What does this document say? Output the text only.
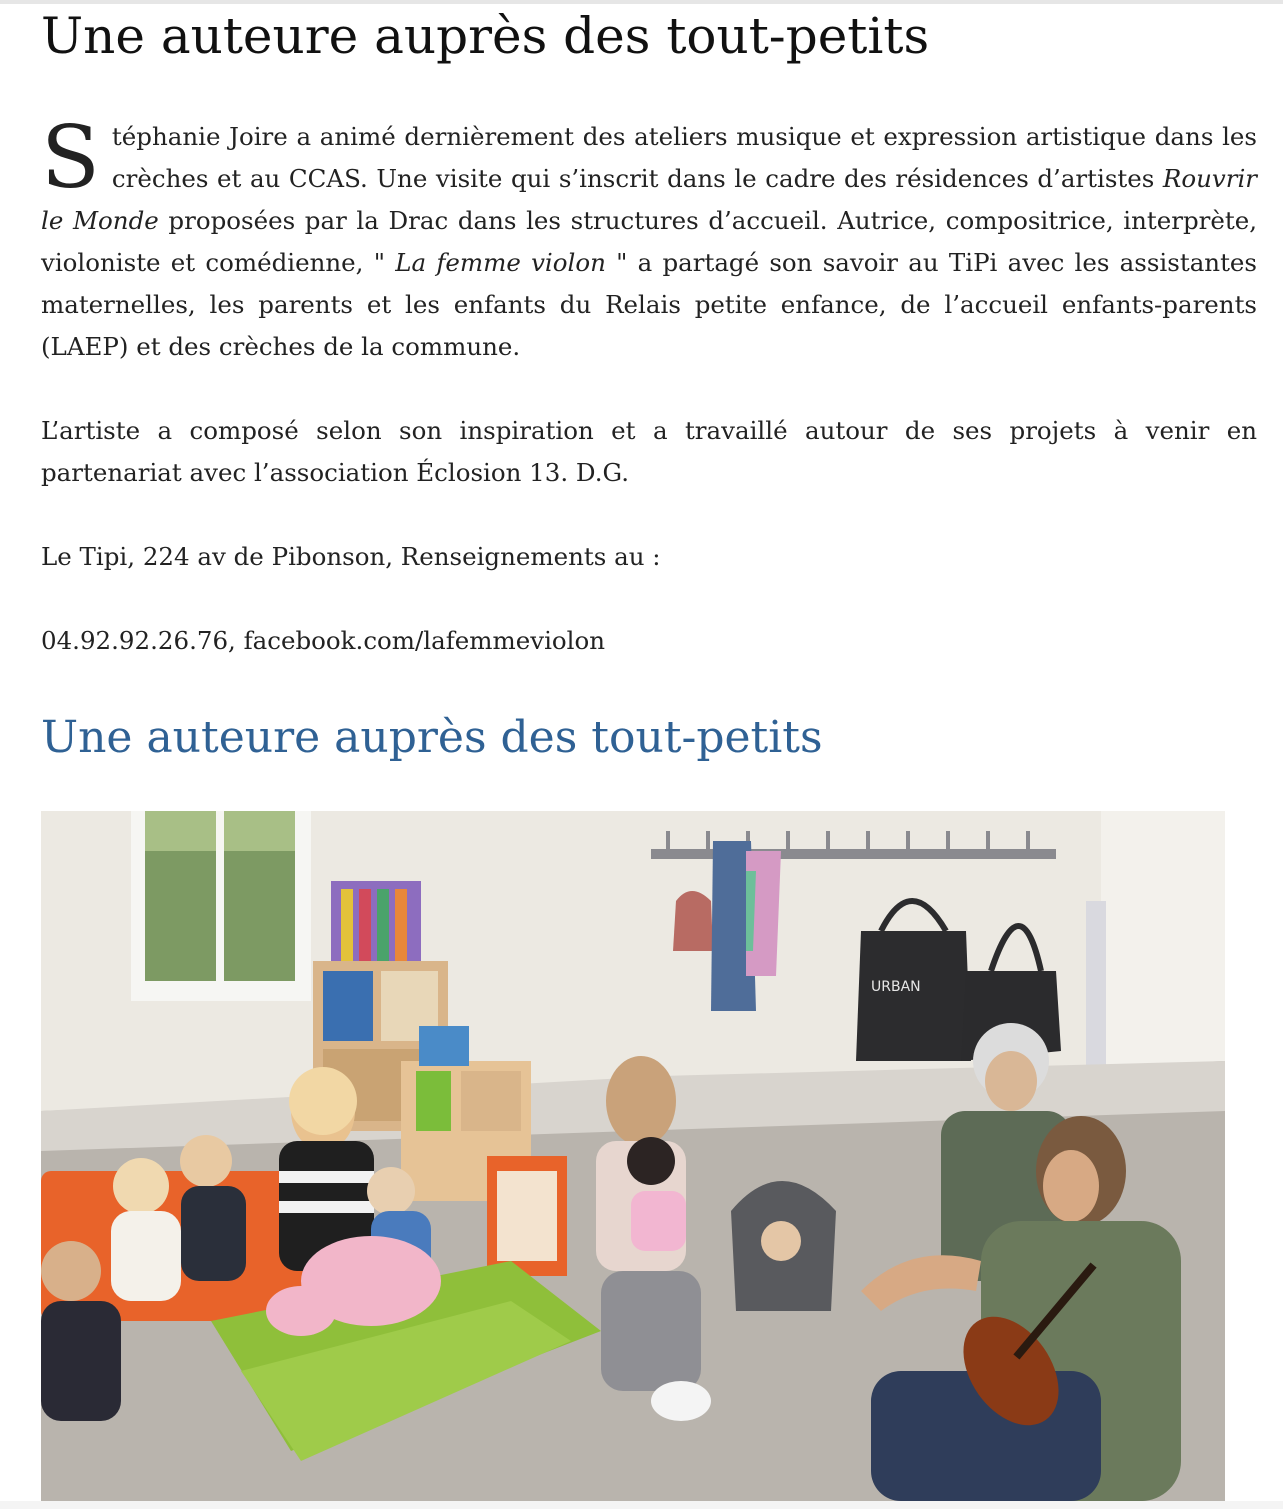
Une auteure auprès des tout-petits

Stéphanie Joire a animé dernièrement des ateliers musique et expression artistique dans les crèches et au CCAS. Une visite qui s’inscrit dans le cadre des résidences d’artistes Rouvrir le Monde proposées par la Drac dans les structures d’accueil. Autrice, compositrice, interprète, violoniste et comédienne, " La femme violon " a partagé son savoir au TiPi avec les assistantes maternelles, les parents et les enfants du Relais petite enfance, de l’accueil enfants-parents (LAEP) et des crèches de la commune.

L’artiste a composé selon son inspiration et a travaillé autour de ses projets à venir en partenariat avec l’association Éclosion 13. D.G.

Le Tipi, 224 av de Pibonson, Renseignements au :

04.92.92.26.76, facebook.com/lafemmeviolon

Une auteure auprès des tout-petits
URBAN
